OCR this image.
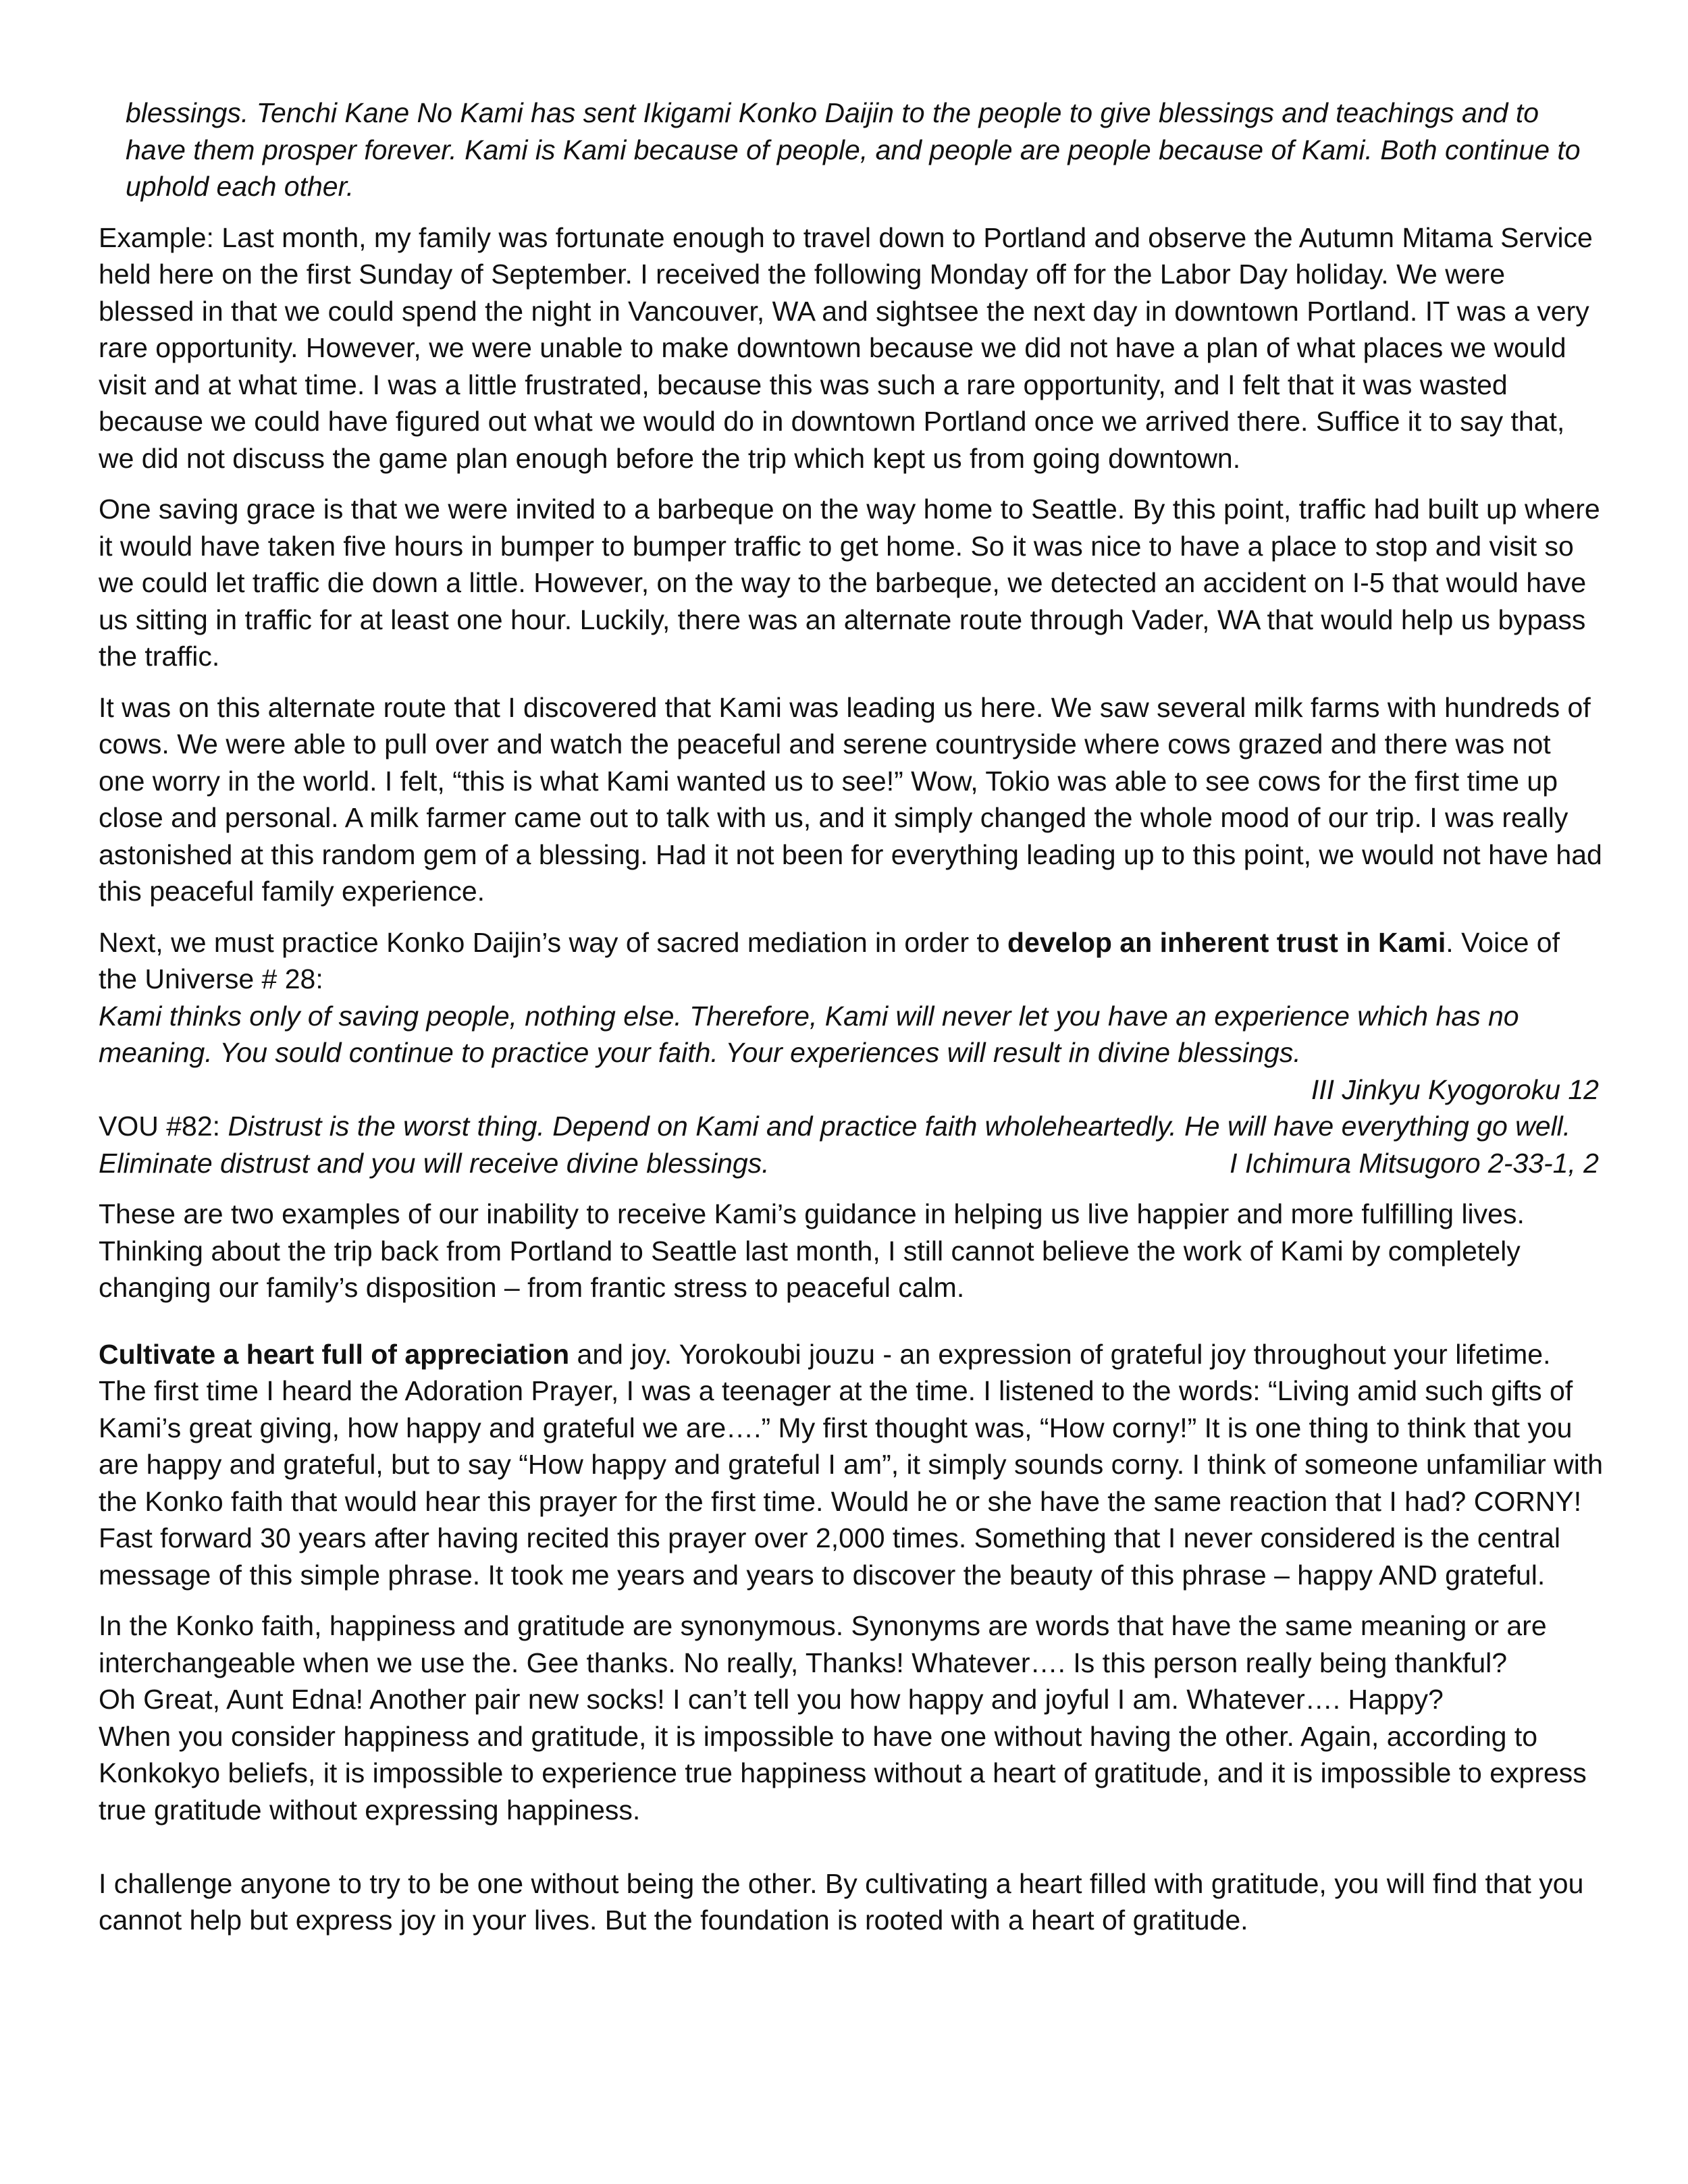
blessings. Tenchi Kane No Kami has sent Ikigami Konko Daijin to the people to give blessings and teachings and to have them prosper forever. Kami is Kami because of people, and people are people because of Kami. Both continue to uphold each other.

Example: Last month, my family was fortunate enough to travel down to Portland and observe the Autumn Mitama Service held here on the first Sunday of September. I received the following Monday off for the Labor Day holiday. We were blessed in that we could spend the night in Vancouver, WA and sightsee the next day in downtown Portland. IT was a very rare opportunity. However, we were unable to make downtown because we did not have a plan of what places we would visit and at what time. I was a little frustrated, because this was such a rare opportunity, and I felt that it was wasted because we could have figured out what we would do in downtown Portland once we arrived there. Suffice it to say that, we did not discuss the game plan enough before the trip which kept us from going downtown.

One saving grace is that we were invited to a barbeque on the way home to Seattle. By this point, traffic had built up where it would have taken five hours in bumper to bumper traffic to get home. So it was nice to have a place to stop and visit so we could let traffic die down a little. However, on the way to the barbeque, we detected an accident on I-5 that would have us sitting in traffic for at least one hour. Luckily, there was an alternate route through Vader, WA that would help us bypass the traffic.

It was on this alternate route that I discovered that Kami was leading us here. We saw several milk farms with hundreds of cows. We were able to pull over and watch the peaceful and serene countryside where cows grazed and there was not one worry in the world. I felt, “this is what Kami wanted us to see!” Wow, Tokio was able to see cows for the first time up close and personal. A milk farmer came out to talk with us, and it simply changed the whole mood of our trip. I was really astonished at this random gem of a blessing. Had it not been for everything leading up to this point, we would not have had this peaceful family experience.

Next, we must practice Konko Daijin’s way of sacred mediation in order to develop an inherent trust in Kami. Voice of the Universe # 28:

Kami thinks only of saving people, nothing else. Therefore, Kami will never let you have an experience which has no meaning. You sould continue to practice your faith. Your experiences will result in divine blessings.

III Jinkyu Kyogoroku 12

VOU #82: Distrust is the worst thing. Depend on Kami and practice faith wholeheartedly. He will have everything go well.

Eliminate distrust and you will receive divine blessings.	I Ichimura Mitsugoro 2-33-1, 2

These are two examples of our inability to receive Kami’s guidance in helping us live happier and more fulfilling lives. Thinking about the trip back from Portland to Seattle last month, I still cannot believe the work of Kami by completely changing our family’s disposition – from frantic stress to peaceful calm.

Cultivate a heart full of appreciation and joy. Yorokoubi jouzu - an expression of grateful joy throughout your lifetime. The first time I heard the Adoration Prayer, I was a teenager at the time. I listened to the words: “Living amid such gifts of Kami’s great giving, how happy and grateful we are….” My first thought was, “How corny!” It is one thing to think that you are happy and grateful, but to say “How happy and grateful I am”, it simply sounds corny. I think of someone unfamiliar with the Konko faith that would hear this prayer for the first time. Would he or she have the same reaction that I had? CORNY!

Fast forward 30 years after having recited this prayer over 2,000 times. Something that I never considered is the central message of this simple phrase. It took me years and years to discover the beauty of this phrase – happy AND grateful.

In the Konko faith, happiness and gratitude are synonymous. Synonyms are words that have the same meaning or are interchangeable when we use the. Gee thanks. No really, Thanks! Whatever…. Is this person really being thankful?

Oh Great, Aunt Edna! Another pair new socks! I can’t tell you how happy and joyful I am. Whatever…. Happy?

When you consider happiness and gratitude, it is impossible to have one without having the other. Again, according to Konkokyo beliefs, it is impossible to experience true happiness without a heart of gratitude, and it is impossible to express true gratitude without expressing happiness.

I challenge anyone to try to be one without being the other. By cultivating a heart filled with gratitude, you will find that you cannot help but express joy in your lives. But the foundation is rooted with a heart of gratitude.
